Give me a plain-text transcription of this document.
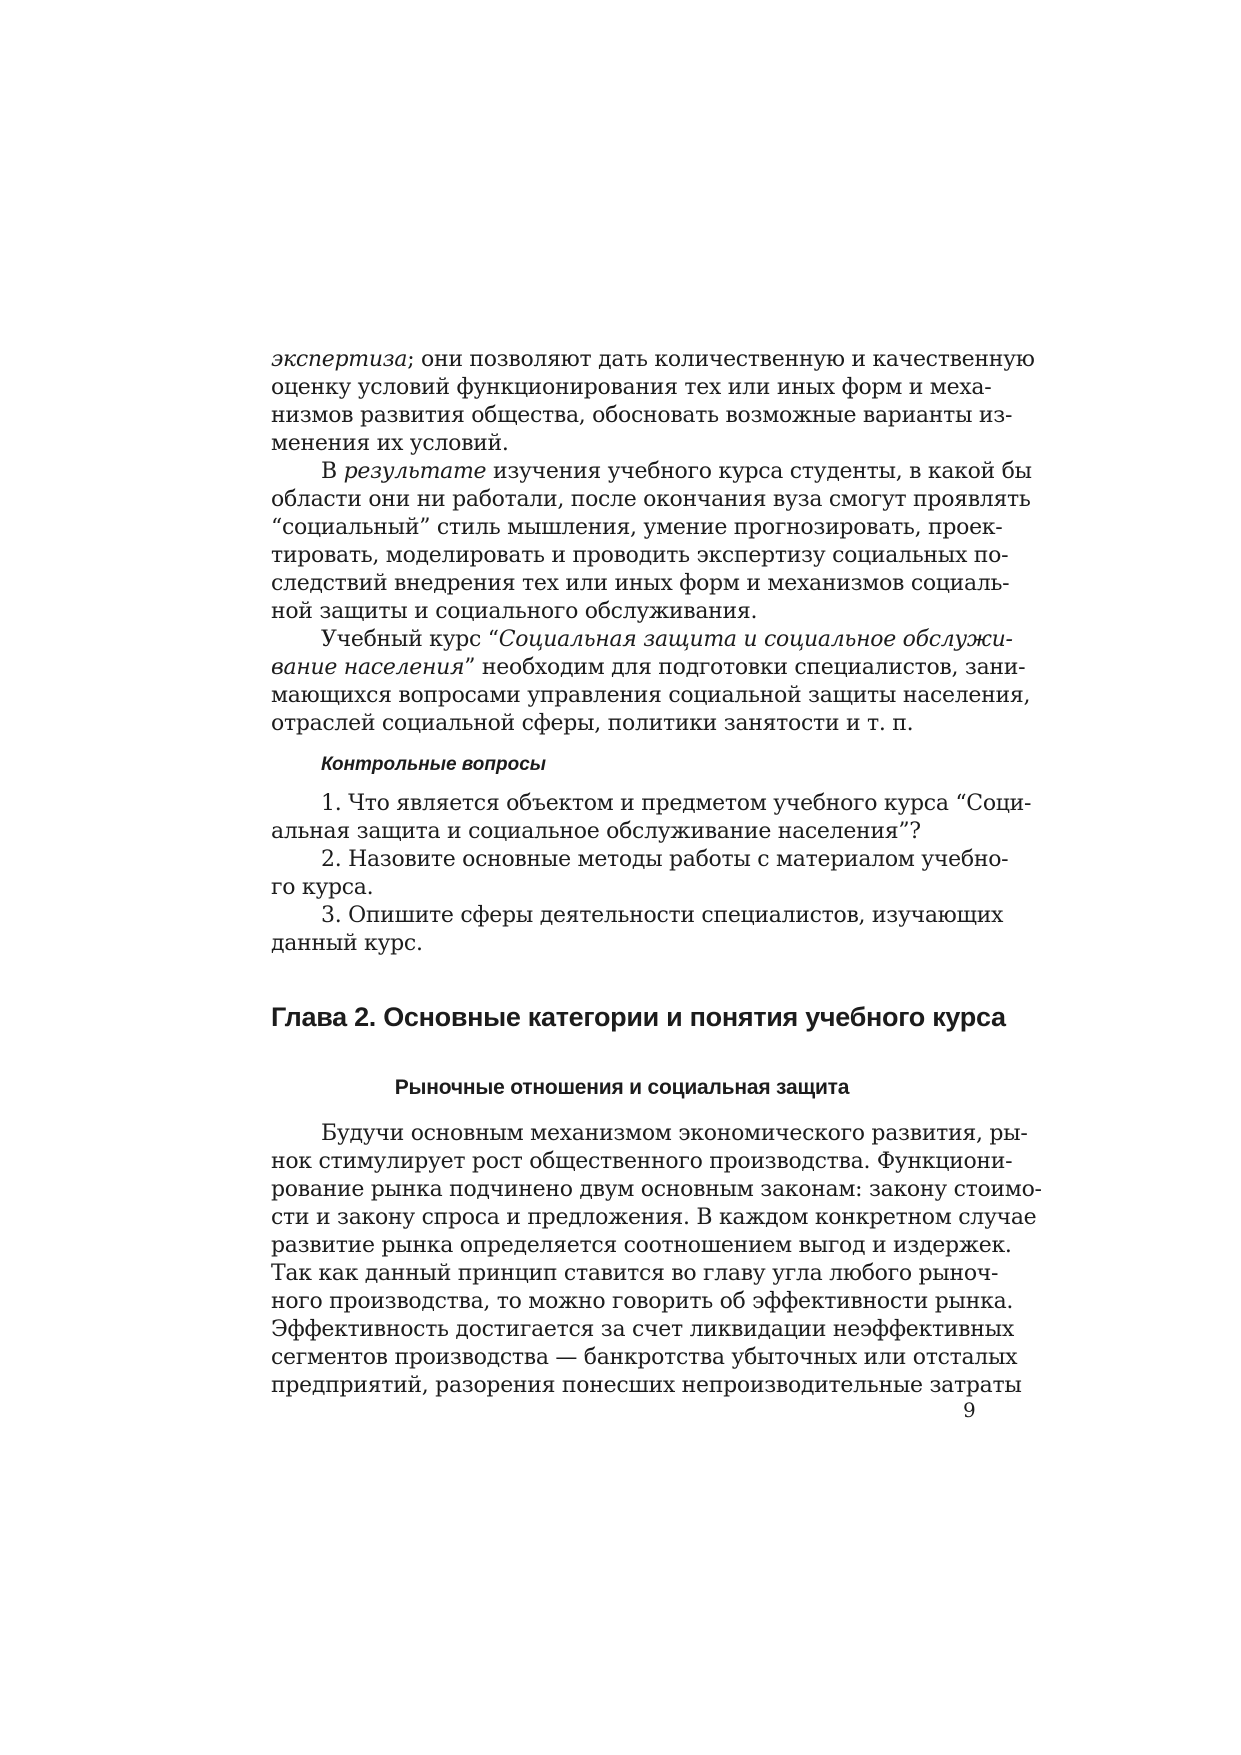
экспертиза; они позволяют дать количественную и качественную
оценку условий функционирования тех или иных форм и меха-
низмов развития общества, обосновать возможные варианты из-
менения их условий.
В результате изучения учебного курса студенты, в какой бы
области они ни работали, после окончания вуза смогут проявлять
“социальный” стиль мышления, умение прогнозировать, проек-
тировать, моделировать и проводить экспертизу социальных по-
следствий внедрения тех или иных форм и механизмов социаль-
ной защиты и социального обслуживания.
Учебный курс “Социальная защита и социальное обслужи-
вание населения” необходим для подготовки специалистов, зани-
мающихся вопросами управления социальной защиты населения,
отраслей социальной сферы, политики занятости и т. п.
Контрольные вопросы
1. Что является объектом и предметом учебного курса “Соци-
альная защита и социальное обслуживание населения”?
2. Назовите основные методы работы с материалом учебно-
го курса.
3. Опишите сферы деятельности специалистов, изучающих
данный курс.
Глава 2. Основные категории и понятия учебного курса
Рыночные отношения и социальная защита
Будучи основным механизмом экономического развития, ры-
нок стимулирует рост общественного производства. Функциони-
рование рынка подчинено двум основным законам: закону стоимо-
сти и закону спроса и предложения. В каждом конкретном случае
развитие рынка определяется соотношением выгод и издержек.
Так как данный принцип ставится во главу угла любого рыноч-
ного производства, то можно говорить об эффективности рынка.
Эффективность достигается за счет ликвидации неэффективных
сегментов производства — банкротства убыточных или отсталых
предприятий, разорения понесших непроизводительные затраты
9
